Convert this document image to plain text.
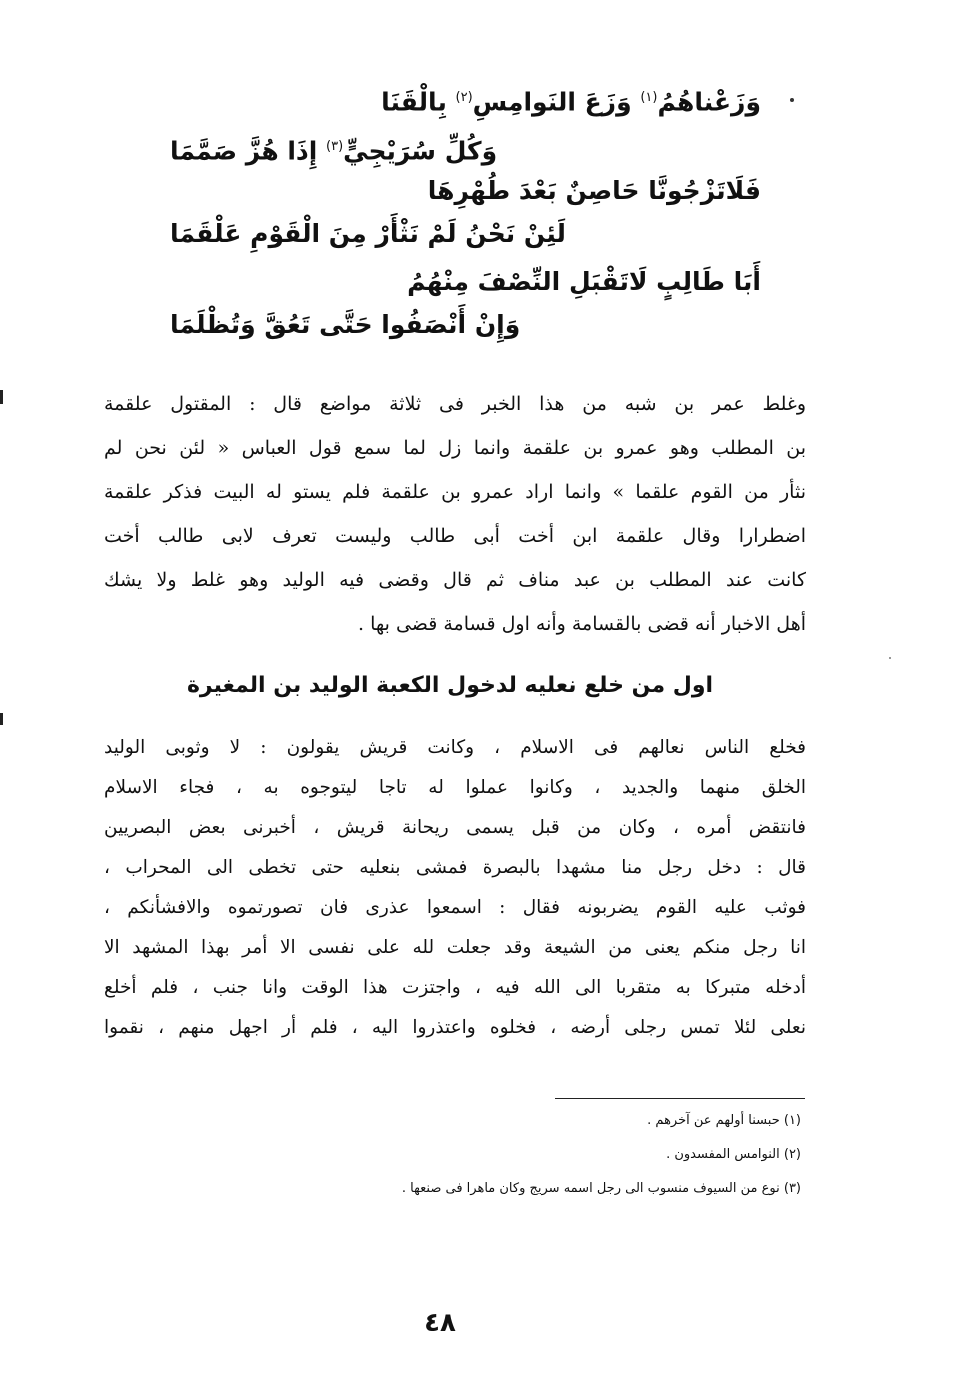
وَزَعْناهُمُ$^{(١)}$ وَزَعَ النَوامِسِ$^{(٢)}$ بِالْقَنَا
وَكُلِّ سُرَيْجِيٍّ$^{(٣)}$ إِذَا هُزَّ صَمَّمَا
فَلَاتَزْجُونَّا حَاصِنٌ بَعْدَ طُهْرِهَا
لَئِنْ نَحْنُ لَمْ نَثْأَرْ مِنَ الْقَوْمِ عَلْقَمَا
أَبَا طَالِبٍ لَاتَقْبَلِ النِّصْفَ مِنْهُمُ
وَإِنْ أَنْصَفُوا حَتَّى تَعُقَّ وَتُظْلَمَا
وغلط عمر بن شبه من هذا الخبر فى ثلاثة مواضع قال : المقتول علقمة
بن المطلب وهو عمرو بن علقمة وانما زل لما سمع قول العباس « لئن نحن لم
نثأر من القوم علقما » وانما اراد عمرو بن علقمة فلم يستو له البيت فذكر علقمة
اضطرارا وقال علقمة ابن أخت أبى طالب وليست تعرف لابى طالب أخت
كانت عند المطلب بن عبد مناف ثم قال وقضى فيه الوليد وهو غلط ولا يشك
أهل الاخبار أنه قضى بالقسامة وأنه اول قسامة قضى بها .
اول من خلع نعليه لدخول الكعبة الوليد بن المغيرة
فخلع الناس نعالهم فى الاسلام ، وكانت قريش يقولون : لا وثوبى الوليد
الخلق منهما والجديد ، وكانوا عملوا له تاجا ليتوجوه به ، فجاء الاسلام
فانتقض أمره ، وكان من قبل يسمى ريحانة قريش ، أخبرنى بعض البصريين
قال : دخل رجل منا مشهدا بالبصرة فمشى بنعليه حتى تخطى الى المحراب ،
فوثب عليه القوم يضربونه فقال : اسمعوا عذرى فان تصورتموه والافشأنكم ،
انا رجل منكم يعنى من الشيعة وقد جعلت لله على نفسى الا أمر بهذا المشهد الا
أدخله متبركا به متقربا الى الله فيه ، واجتزت هذا الوقت وانا جنب ، فلم أخلع
نعلى لئلا تمس رجلى أرضه ، فخلوه واعتذروا اليه ، فلم أر اجهل منهم ، نقموا
(١) حبسنا أولهم عن آخرهم .
(٢) النوامس المفسدون .
(٣) نوع من السيوف منسوب الى رجل اسمه سريج وكان ماهرا فى صنعها .
٤٨
